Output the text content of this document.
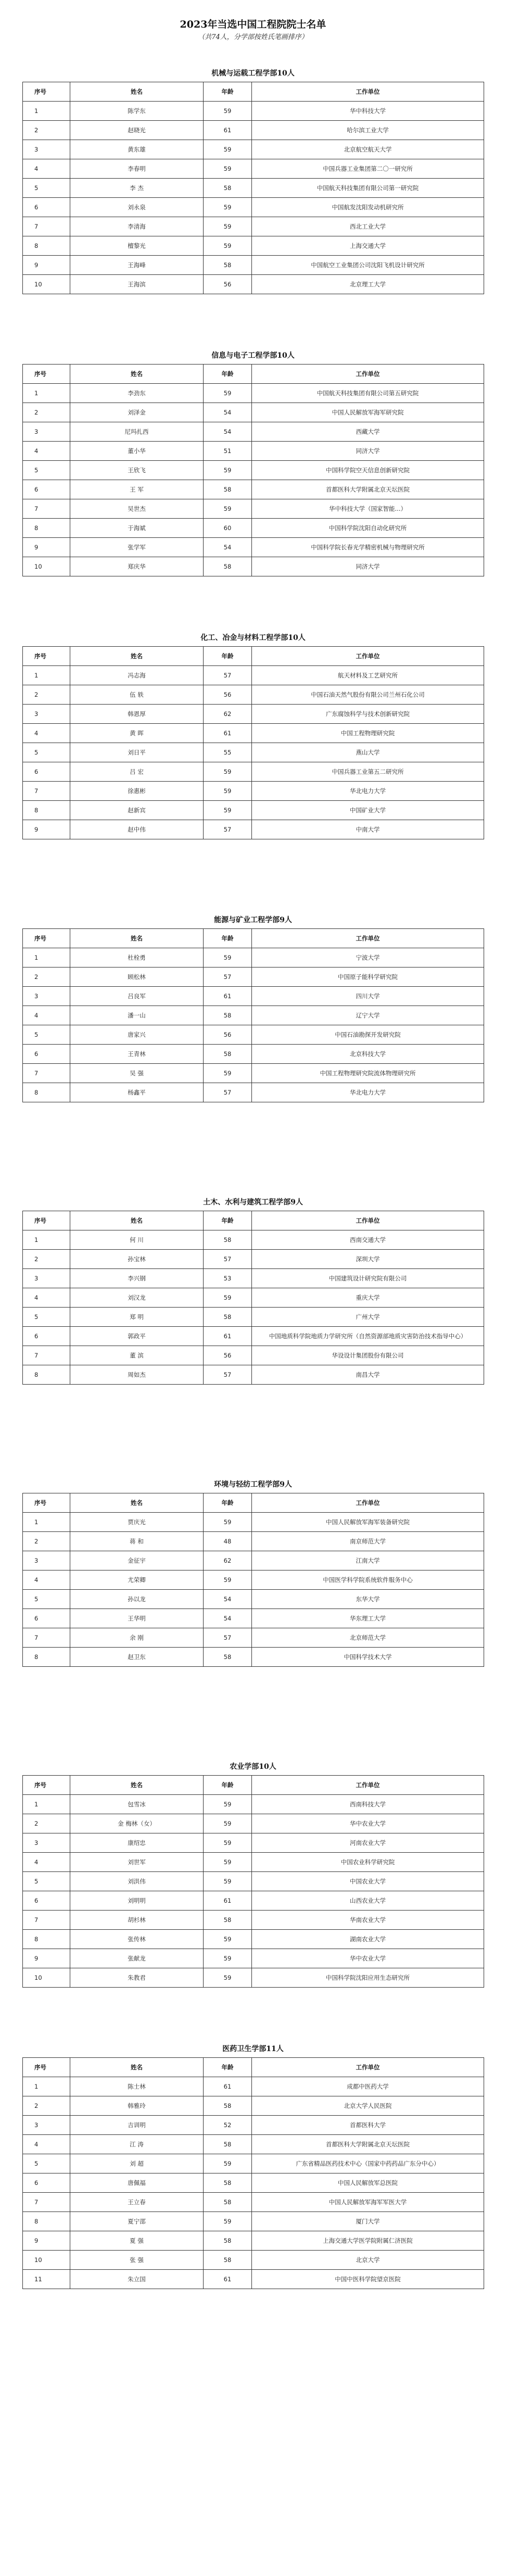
2023年当选中国工程院院士名单
（共74人，分学部按姓氏笔画排序）
机械与运载工程学部10人
序号	姓名	年龄	工作单位
1	陈学东	59	华中科技大学
2	赵晓光	61	哈尔滨工业大学
3	黄东雄	59	北京航空航天大学
4	李春明	59	中国兵器工业集团第二〇一研究所
5	李 杰	58	中国航天科技集团有限公司第一研究院
6	刘永泉	59	中国航发沈阳发动机研究所
7	李清海	59	西北工业大学
8	檀黎光	59	上海交通大学
9	王海峰	58	中国航空工业集团公司沈阳飞机设计研究所
10	王海滨	56	北京理工大学
信息与电子工程学部10人
序号	姓名	年龄	工作单位
1	李劲东	59	中国航天科技集团有限公司第五研究院
2	刘泽金	54	中国人民解放军海军研究院
3	尼玛扎西	54	西藏大学
4	董小华	51	同济大学
5	王欣飞	59	中国科学院空天信息创新研究院
6	王 军	58	首都医科大学附属北京天坛医院
7	吴世杰	59	华中科技大学（国家智能...）
8	于海斌	60	中国科学院沈阳自动化研究所
9	张学军	54	中国科学院长春光学精密机械与物理研究所
10	郑庆华	58	同济大学
化工、冶金与材料工程学部10人
序号	姓名	年龄	工作单位
1	冯志海	57	航天材料及工艺研究所
2	伍 轶	56	中国石油天然气股份有限公司兰州石化公司
3	韩恩厚	62	广东腐蚀科学与技术创新研究院
4	黄 晖	61	中国工程物理研究院
5	刘日平	55	燕山大学
6	吕 宏	59	中国兵器工业第五二研究所
7	徐惠彬	59	华北电力大学
8	赵新宾	59	中国矿业大学
9	赵中伟	57	中南大学
能源与矿业工程学部9人
序号	姓名	年龄	工作单位
1	杜栓勇	59	宁波大学
2	顾松林	57	中国原子能科学研究院
3	吕良军	61	四川大学
4	潘一山	58	辽宁大学
5	唐家兴	56	中国石油勘探开发研究院
6	王青林	58	北京科技大学
7	吴 强	59	中国工程物理研究院流体物理研究所
8	杨鑫平	57	华北电力大学
土木、水利与建筑工程学部9人
序号	姓名	年龄	工作单位
1	何 川	58	西南交通大学
2	孙宝林	57	深圳大学
3	李兴钢	53	中国建筑设计研究院有限公司
4	刘汉龙	59	重庆大学
5	郑 明	58	广州大学
6	郭政平	61	中国地质科学院地质力学研究所（自然资源部地质灾害防治技术指导中心）
7	董 滨	56	华设设计集团股份有限公司
8	周如杰	57	南昌大学
环境与轻纺工程学部9人
序号	姓名	年龄	工作单位
1	贾庆光	59	中国人民解放军海军装备研究院
2	蒋 和	48	南京师范大学
3	金征宇	62	江南大学
4	尤荣卿	59	中国医学科学院系统软件服务中心
5	孙以龙	54	东华大学
6	王华明	54	华东理工大学
7	余 刚	57	北京师范大学
8	赵卫东	58	中国科学技术大学
农业学部10人
序号	姓名	年龄	工作单位
1	包雪冰	59	西南科技大学
2	金 梅林（女）	59	华中农业大学
3	康绍忠	59	河南农业大学
4	刘世军	59	中国农业科学研究院
5	刘洪伟	59	中国农业大学
6	刘明明	61	山西农业大学
7	胡杉林	58	华南农业大学
8	张传林	59	湖南农业大学
9	张献龙	59	华中农业大学
10	朱教君	59	中国科学院沈阳应用生态研究所
医药卫生学部11人
序号	姓名	年龄	工作单位
1	陈士林	61	成都中医药大学
2	韩雅玲	58	北京大学人民医院
3	吉训明	52	首都医科大学
4	江 涛	58	首都医科大学附属北京天坛医院
5	刘 超	59	广东省精品医药技术中心（国家中药药品广东分中心）
6	唐佩福	58	中国人民解放军总医院
7	王立春	58	中国人民解放军海军军医大学
8	夏宁邵	59	厦门大学
9	夏 强	58	上海交通大学医学院附属仁济医院
10	张 强	58	北京大学
11	朱立国	61	中国中医科学院望京医院
